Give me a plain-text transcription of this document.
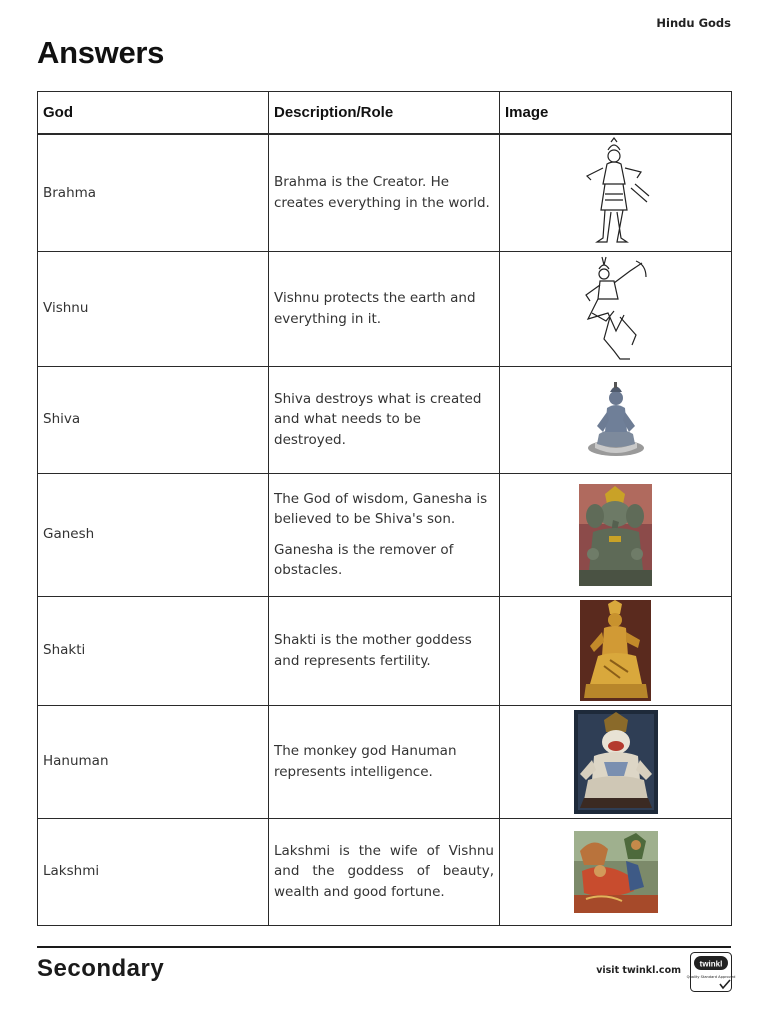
Hindu Gods
Answers
God	Description/Role	Image
Brahma	Brahma is the Creator. He creates everything in the world.

Vishnu	Vishnu protects the earth and everything in it.

Shiva	Shiva destroys what is created and what needs to be destroyed.

Ganesh	The God of wisdom, Ganesha is believed to be Shiva's son.

Ganesha is the remover of obstacles.

Shakti	Shakti is the mother goddess and represents fertility.

Hanuman	The monkey god Hanuman represents intelligence.

Lakshmi	Lakshmi is the wife of Vishnu and the goddess of beauty, wealth and good fortune.

Secondary	visit twinkl.com
twinkl
Quality Standard Approved
